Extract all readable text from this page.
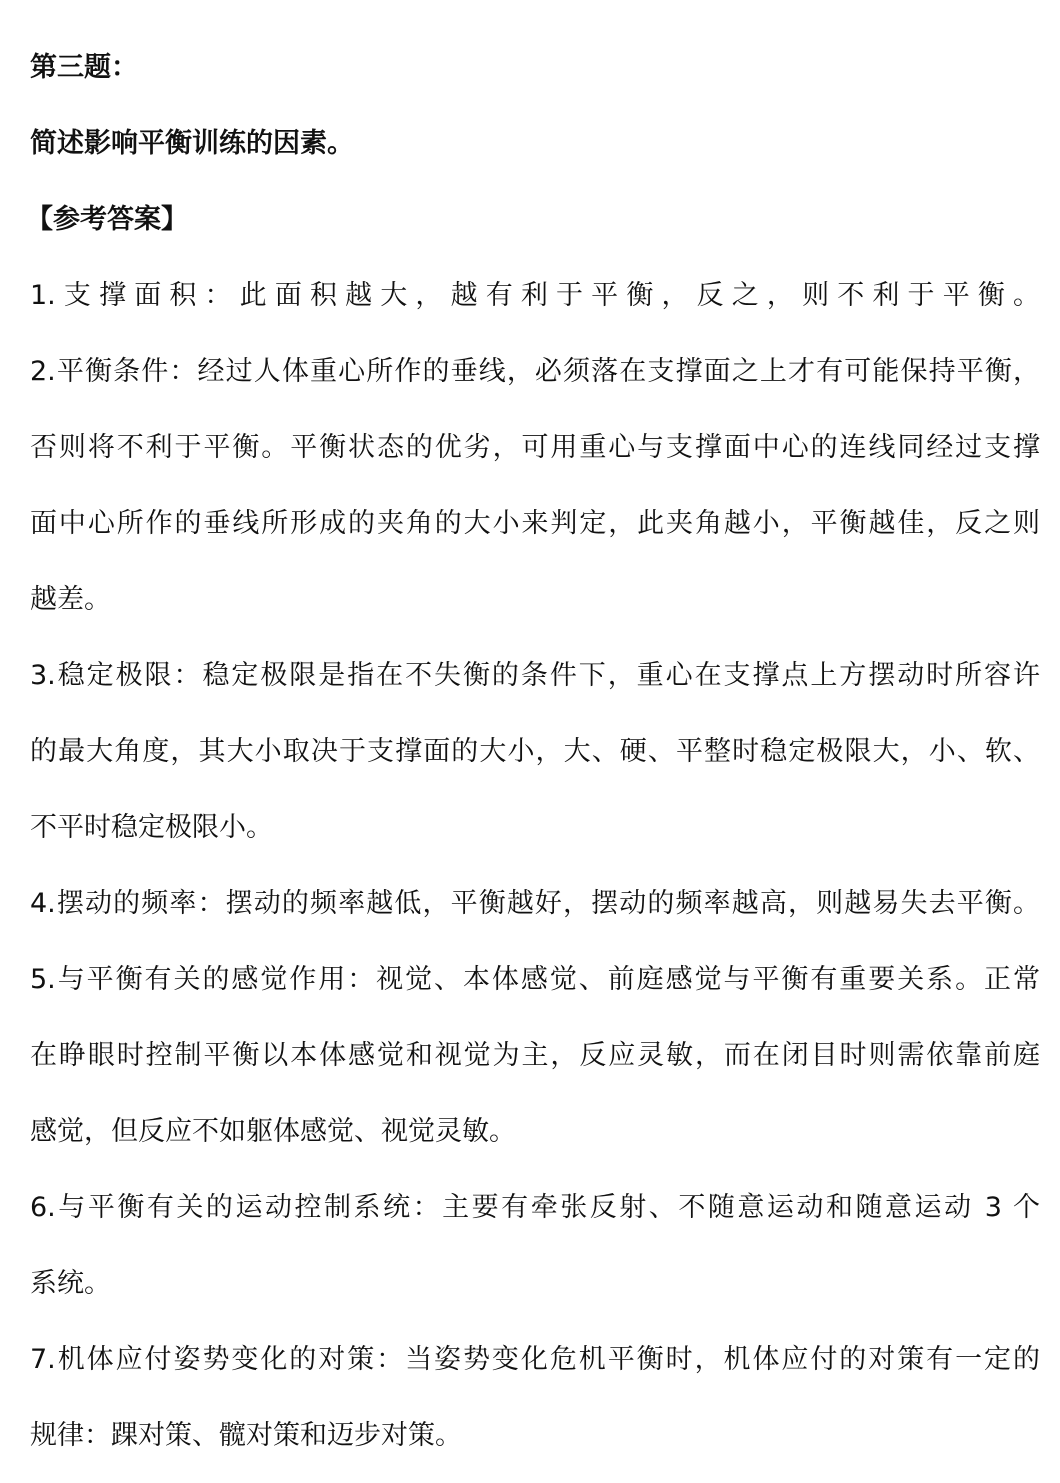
第三题：
简述影响平衡训练的因素。
【参考答案】
1.支撑面积：此面积越大，越有利于平衡，反之，则不利于平衡。
2.平衡条件：经过人体重心所作的垂线，必须落在支撑面之上才有可能保持平衡，
否则将不利于平衡。平衡状态的优劣，可用重心与支撑面中心的连线同经过支撑
面中心所作的垂线所形成的夹角的大小来判定，此夹角越小，平衡越佳，反之则
越差。
3.稳定极限：稳定极限是指在不失衡的条件下，重心在支撑点上方摆动时所容许
的最大角度，其大小取决于支撑面的大小，大、硬、平整时稳定极限大，小、软、
不平时稳定极限小。
4.摆动的频率：摆动的频率越低，平衡越好，摆动的频率越高，则越易失去平衡。
5.与平衡有关的感觉作用：视觉、本体感觉、前庭感觉与平衡有重要关系。正常
在睁眼时控制平衡以本体感觉和视觉为主，反应灵敏，而在闭目时则需依靠前庭
感觉，但反应不如躯体感觉、视觉灵敏。
6.与平衡有关的运动控制系统：主要有牵张反射、不随意运动和随意运动 3 个
系统。
7.机体应付姿势变化的对策：当姿势变化危机平衡时，机体应付的对策有一定的
规律：踝对策、髋对策和迈步对策。
